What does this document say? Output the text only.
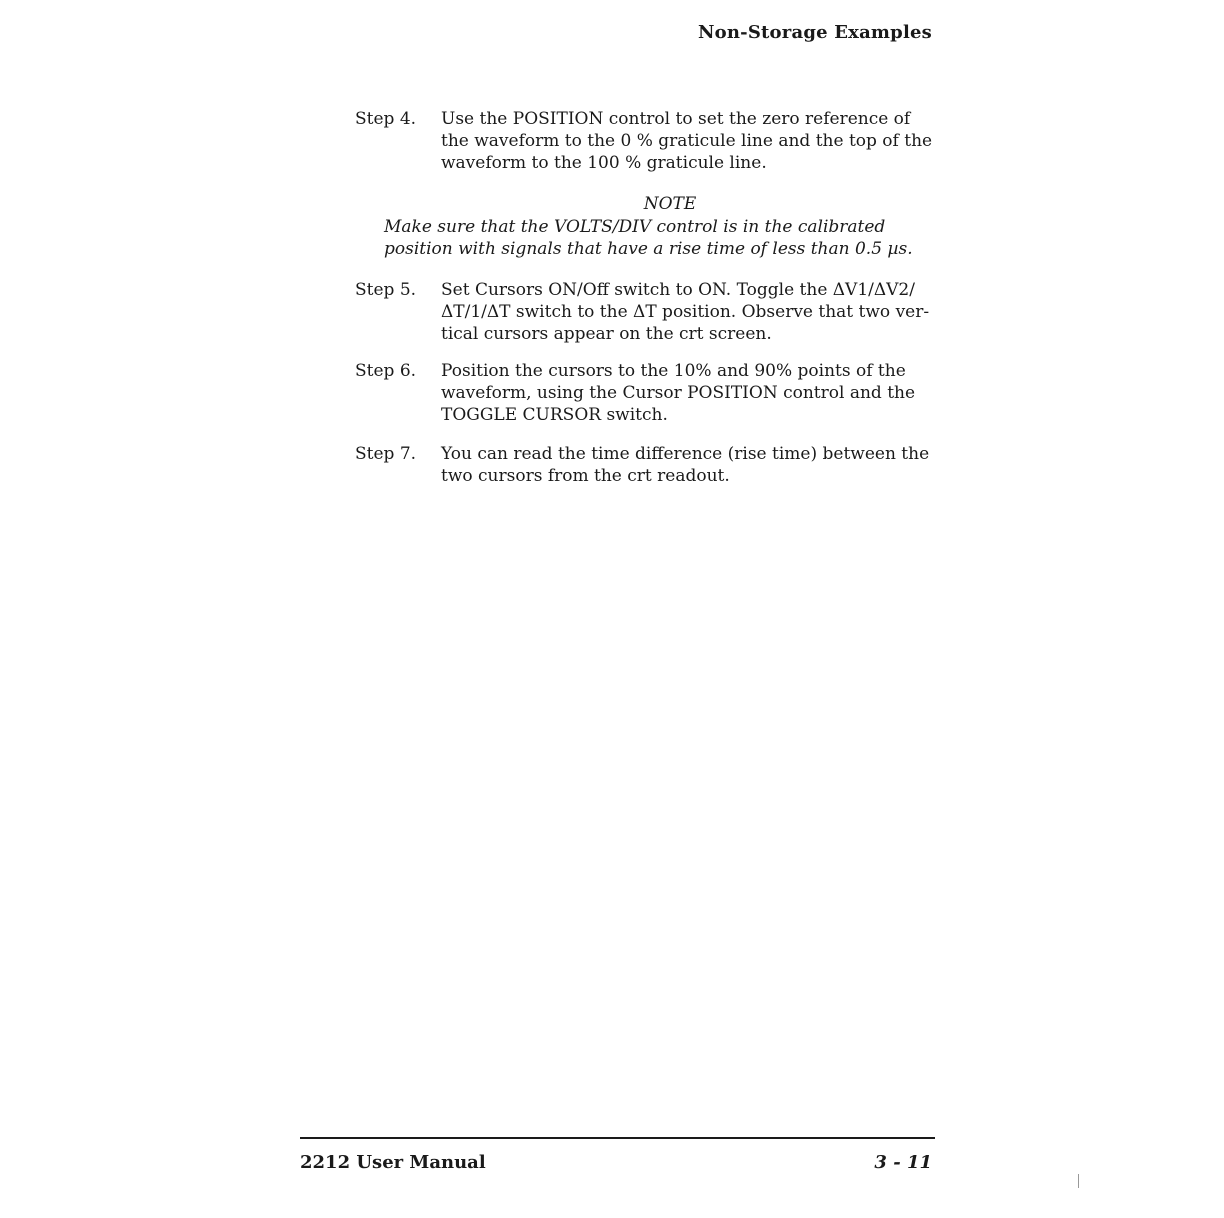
Non-Storage Examples
Step 4.	Use the POSITION control to set the zero reference of the waveform to the 0 % graticule line and the top of the waveform to the 100 % graticule line.
NOTE
Make sure that the VOLTS/DIV control is in the calibrated position with signals that have a rise time of less than 0.5 µs.
Step 5.	Set Cursors ON/Off switch to ON. Toggle the ΔV1/ΔV2/ ΔT/1/ΔT switch to the ΔT position. Observe that two ver- tical cursors appear on the crt screen.
Step 6.	Position the cursors to the 10% and 90% points of the waveform, using the Cursor POSITION control and the TOGGLE CURSOR switch.
Step 7.	You can read the time difference (rise time) between the two cursors from the crt readout.
2212 User Manual	3 - 11
